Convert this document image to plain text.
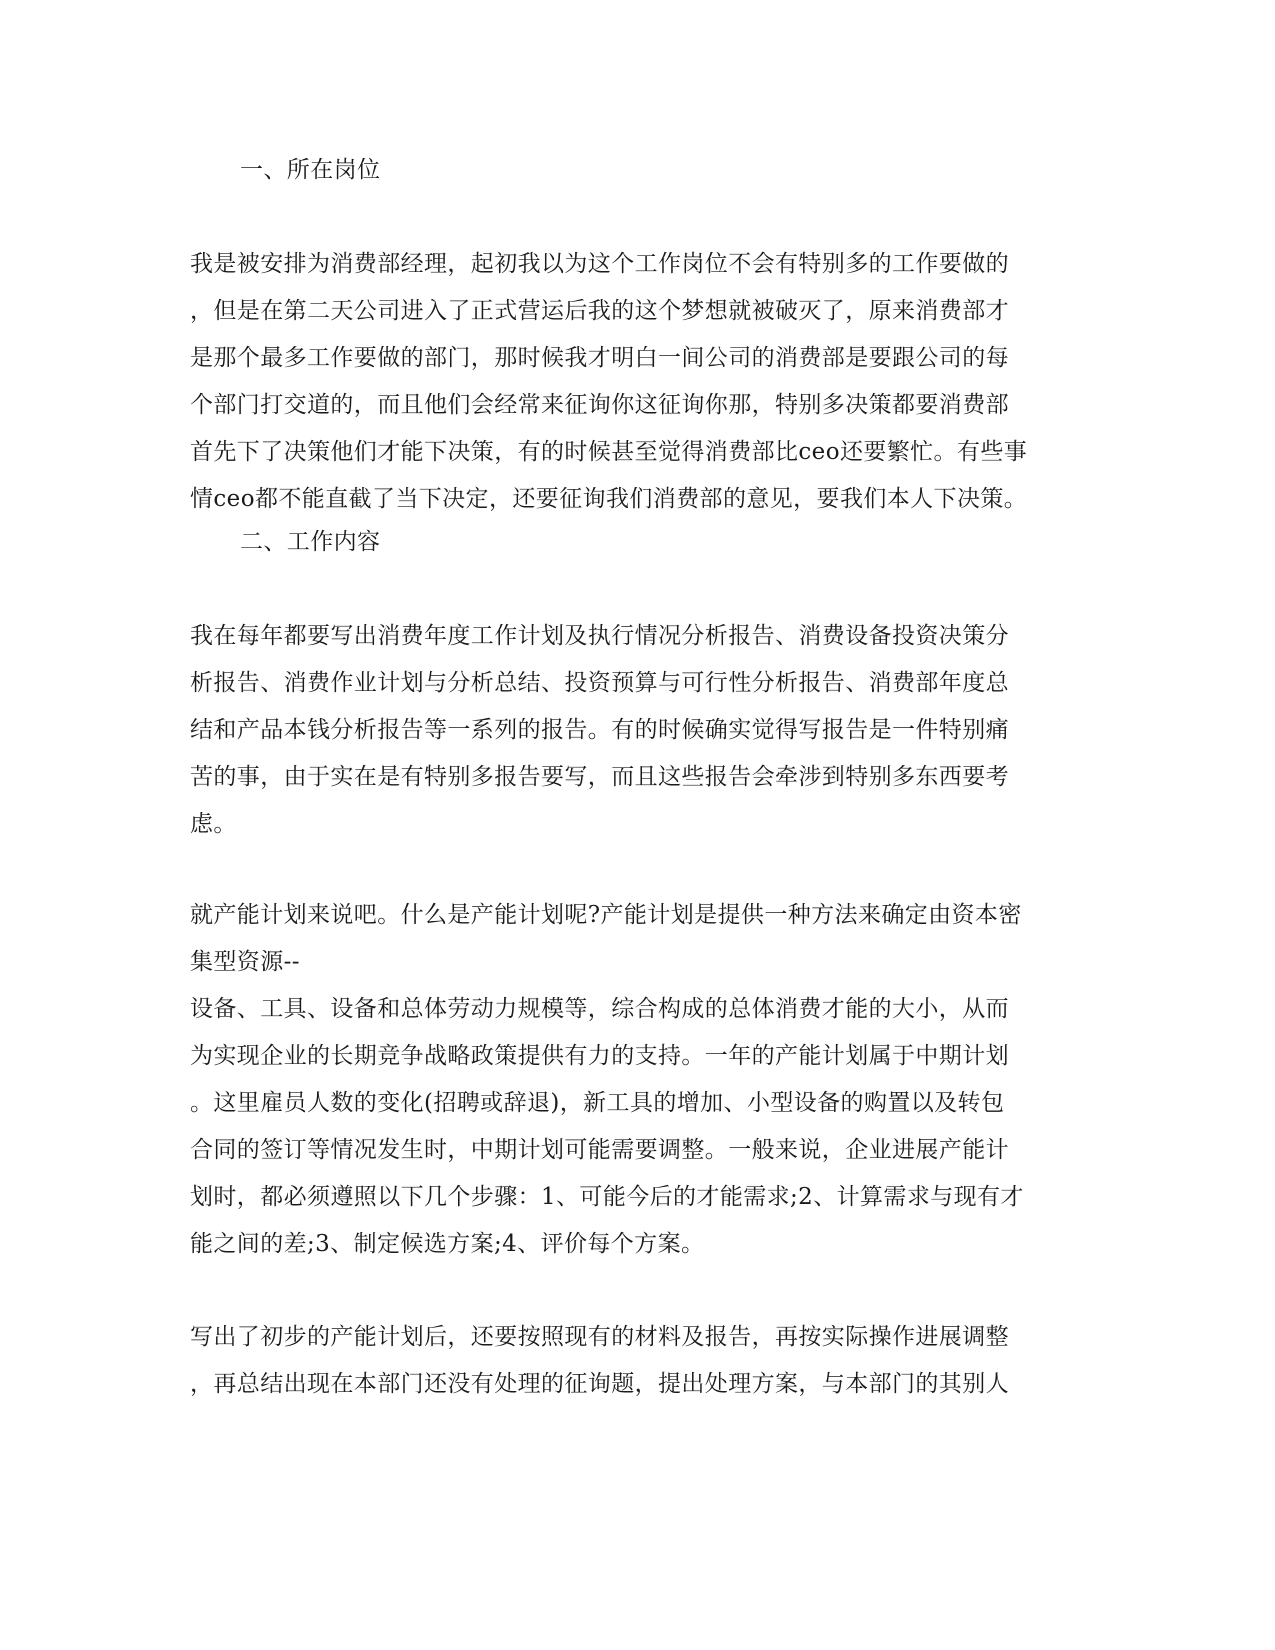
一、所在岗位
我是被安排为消费部经理，起初我以为这个工作岗位不会有特别多的工作要做的
，但是在第二天公司进入了正式营运后我的这个梦想就被破灭了，原来消费部才
是那个最多工作要做的部门，那时候我才明白一间公司的消费部是要跟公司的每
个部门打交道的，而且他们会经常来征询你这征询你那，特别多决策都要消费部
首先下了决策他们才能下决策，有的时候甚至觉得消费部比ceo还要繁忙。有些事
情ceo都不能直截了当下决定，还要征询我们消费部的意见，要我们本人下决策。
二、工作内容
我在每年都要写出消费年度工作计划及执行情况分析报告、消费设备投资决策分
析报告、消费作业计划与分析总结、投资预算与可行性分析报告、消费部年度总
结和产品本钱分析报告等一系列的报告。有的时候确实觉得写报告是一件特别痛
苦的事，由于实在是有特别多报告要写，而且这些报告会牵涉到特别多东西要考
虑。
就产能计划来说吧。什么是产能计划呢?产能计划是提供一种方法来确定由资本密
集型资源--
设备、工具、设备和总体劳动力规模等，综合构成的总体消费才能的大小，从而
为实现企业的长期竞争战略政策提供有力的支持。一年的产能计划属于中期计划
。这里雇员人数的变化(招聘或辞退)，新工具的增加、小型设备的购置以及转包
合同的签订等情况发生时，中期计划可能需要调整。一般来说，企业进展产能计
划时，都必须遵照以下几个步骤：1、可能今后的才能需求;2、计算需求与现有才
能之间的差;3、制定候选方案;4、评价每个方案。
写出了初步的产能计划后，还要按照现有的材料及报告，再按实际操作进展调整
，再总结出现在本部门还没有处理的征询题，提出处理方案，与本部门的其别人
